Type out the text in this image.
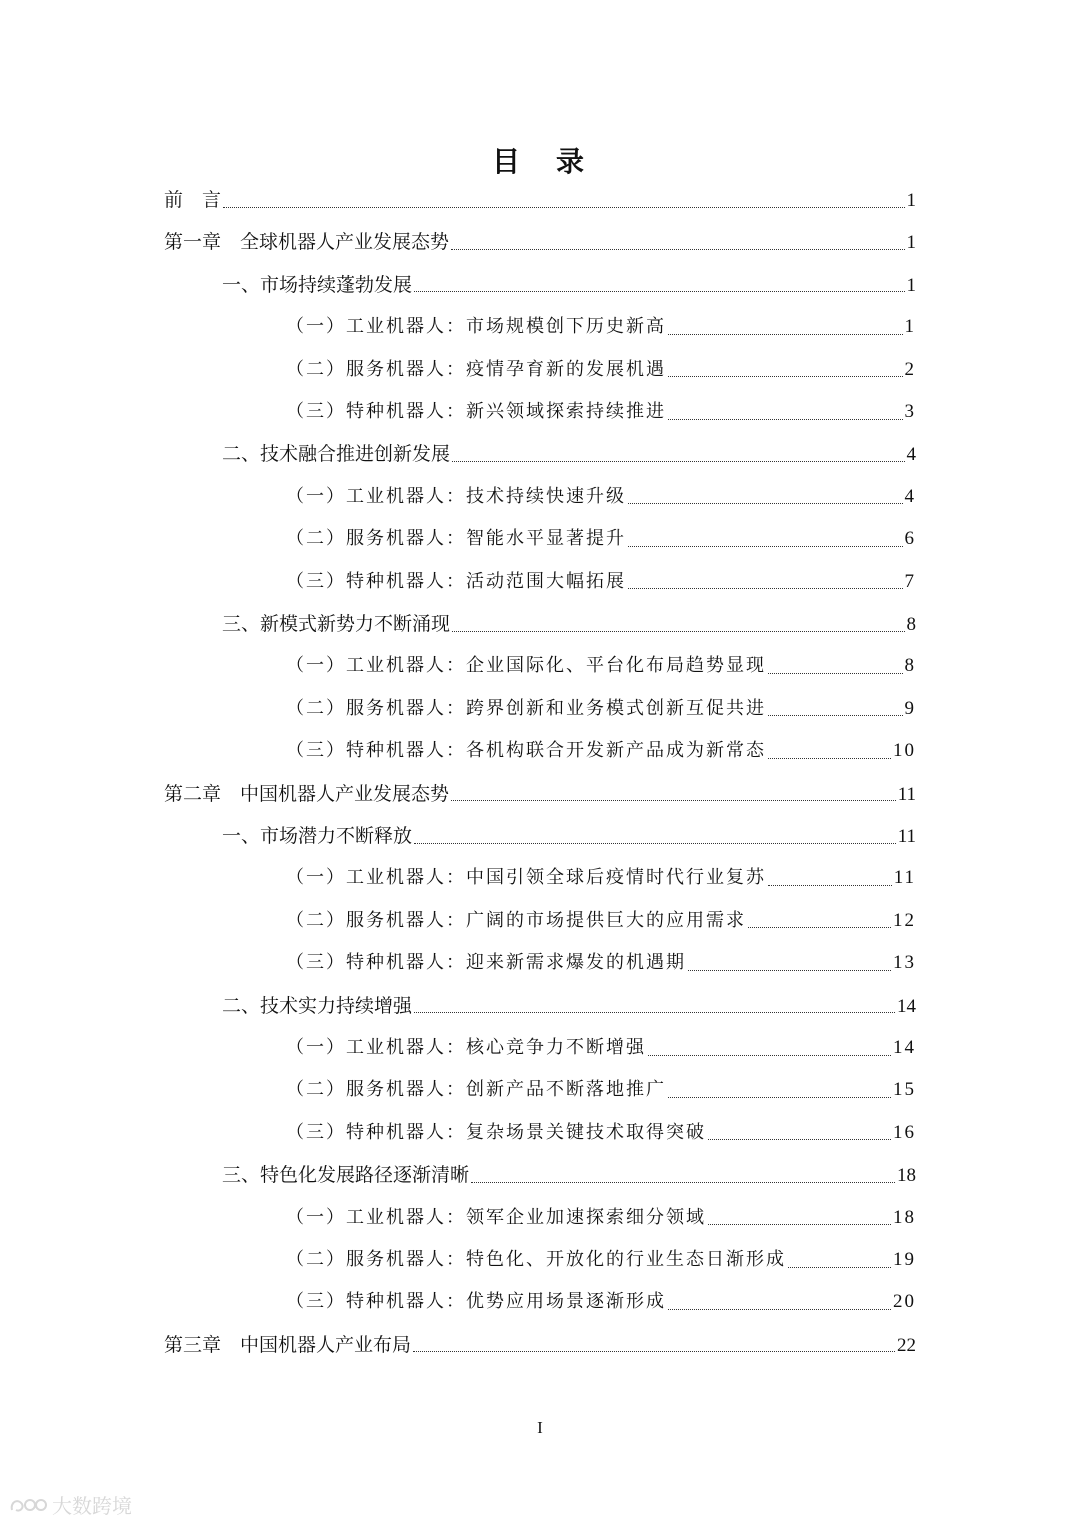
目　录
前　言	1
第一章　全球机器人产业发展态势	1
一、市场持续蓬勃发展	1
（一）工业机器人：市场规模创下历史新高	1
（二）服务机器人：疫情孕育新的发展机遇	2
（三）特种机器人：新兴领域探索持续推进	3
二、技术融合推进创新发展	4
（一）工业机器人：技术持续快速升级	4
（二）服务机器人：智能水平显著提升	6
（三）特种机器人：活动范围大幅拓展	7
三、新模式新势力不断涌现	8
（一）工业机器人：企业国际化、平台化布局趋势显现	8
（二）服务机器人：跨界创新和业务模式创新互促共进	9
（三）特种机器人：各机构联合开发新产品成为新常态	10
第二章　中国机器人产业发展态势	11
一、市场潜力不断释放	11
（一）工业机器人：中国引领全球后疫情时代行业复苏	11
（二）服务机器人：广阔的市场提供巨大的应用需求	12
（三）特种机器人：迎来新需求爆发的机遇期	13
二、技术实力持续增强	14
（一）工业机器人：核心竞争力不断增强	14
（二）服务机器人：创新产品不断落地推广	15
（三）特种机器人：复杂场景关键技术取得突破	16
三、特色化发展路径逐渐清晰	18
（一）工业机器人：领军企业加速探索细分领域	18
（二）服务机器人：特色化、开放化的行业生态日渐形成	19
（三）特种机器人：优势应用场景逐渐形成	20
第三章　中国机器人产业布局	22
I
大数跨境
